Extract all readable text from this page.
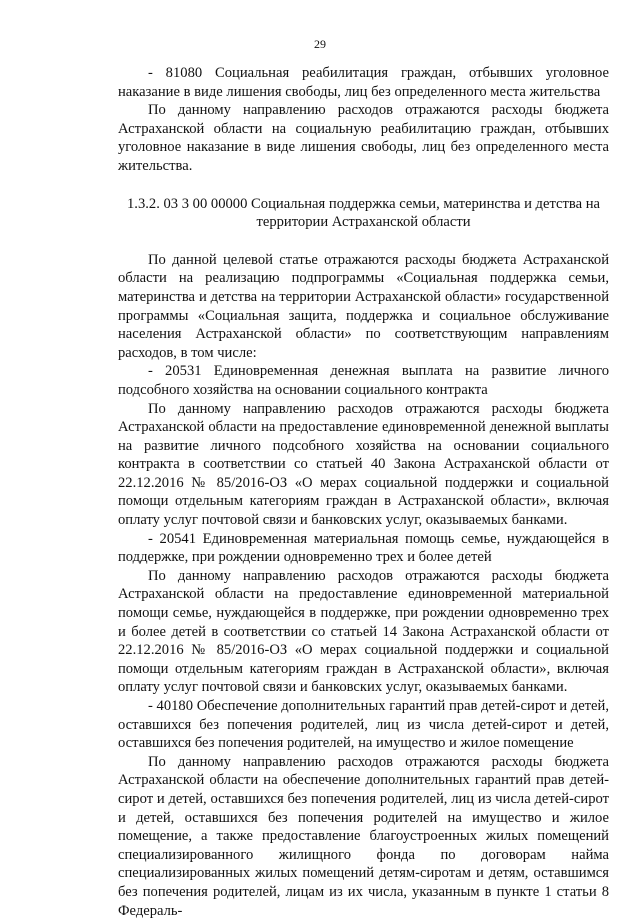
29

- 81080 Социальная реабилитация граждан, отбывших уголовное наказание в виде лишения свободы, лиц без определенного места жительства

По данному направлению расходов отражаются расходы бюджета Астраханской области на социальную реабилитацию граждан, отбывших уголовное наказание в виде лишения свободы, лиц без определенного места жительства.

1.3.2. 03 3 00 00000 Социальная поддержка семьи, материнства и детства на территории Астраханской области

По данной целевой статье отражаются расходы бюджета Астраханской области на реализацию подпрограммы «Социальная поддержка семьи, материнства и детства на территории Астраханской области» государственной программы «Социальная защита, поддержка и социальное обслуживание населения Астраханской области» по соответствующим направлениям расходов, в том числе:

- 20531 Единовременная денежная выплата на развитие личного подсобного хозяйства на основании социального контракта

По данному направлению расходов отражаются расходы бюджета Астраханской области на предоставление единовременной денежной выплаты на развитие личного подсобного хозяйства на основании социального контракта в соответствии со статьей 40 Закона Астраханской области от 22.12.2016 № 85/2016-ОЗ «О мерах социальной поддержки и социальной помощи отдельным категориям граждан в Астраханской области», включая оплату услуг почтовой связи и банковских услуг, оказываемых банками.

- 20541 Единовременная материальная помощь семье, нуждающейся в поддержке, при рождении одновременно трех и более детей

По данному направлению расходов отражаются расходы бюджета Астраханской области на предоставление единовременной материальной помощи семье, нуждающейся в поддержке, при рождении одновременно трех и более детей в соответствии со статьей 14 Закона Астраханской области от 22.12.2016 № 85/2016-ОЗ «О мерах социальной поддержки и социальной помощи отдельным категориям граждан в Астраханской области», включая оплату услуг почтовой связи и банковских услуг, оказываемых банками.

- 40180 Обеспечение дополнительных гарантий прав детей-сирот и детей, оставшихся без попечения родителей, лиц из числа детей-сирот и детей, оставшихся без попечения родителей, на имущество и жилое помещение

По данному направлению расходов отражаются расходы бюджета Астраханской области на обеспечение дополнительных гарантий прав детей-сирот и детей, оставшихся без попечения родителей, лиц из числа детей-сирот и детей, оставшихся без попечения родителей на имущество и жилое помещение, а также предоставление благоустроенных жилых помещений специализированного жилищного фонда по договорам найма специализированных жилых помещений детям-сиротам и детям, оставшимся без попечения родителей, лицам из их числа, указанным в пункте 1 статьи 8 Федераль-
